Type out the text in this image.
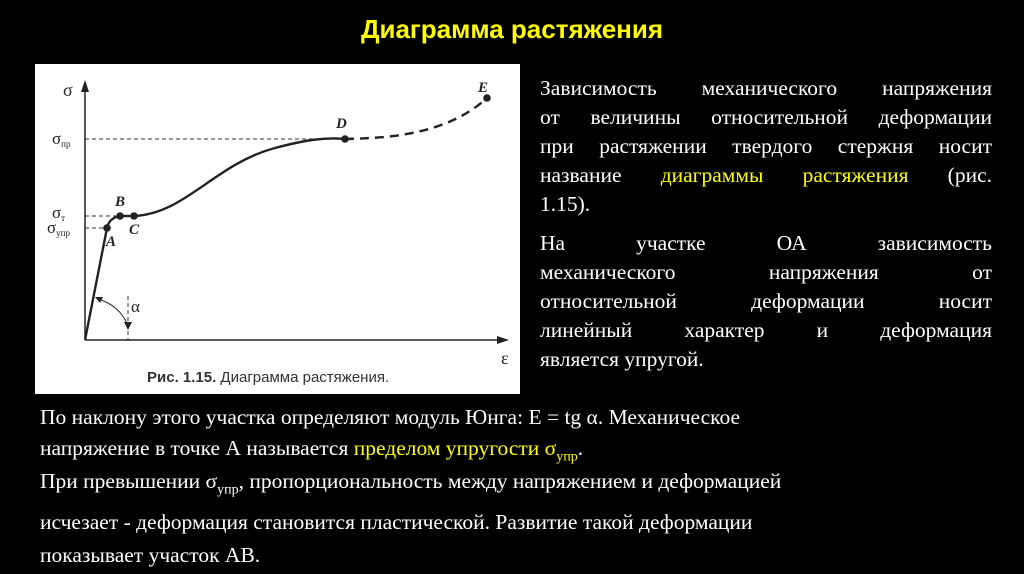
Диаграмма растяжения
σ
ε
α
σпр
σт
σупр
A
B
C
D
E
Рис. 1.15. Диаграмма растяжения.
Зависимость механического напряжения
от величины относительной деформации
при растяжении твердого стержня носит
название диаграммы растяжения (рис.
1.15).
На участке ОА зависимость
механического напряжения от
относительной деформации носит
линейный характер и деформация
является упругой.
По наклону этого участка определяют модуль Юнга: E = tg α. Механическое
напряжение в точке А называется пределом упругости $\sigma_{упр}$.
При превышении $\sigma_{упр}$, пропорциональность между напряжением и деформацией
исчезает - деформация становится пластической. Развитие такой деформации
показывает участок АВ.
